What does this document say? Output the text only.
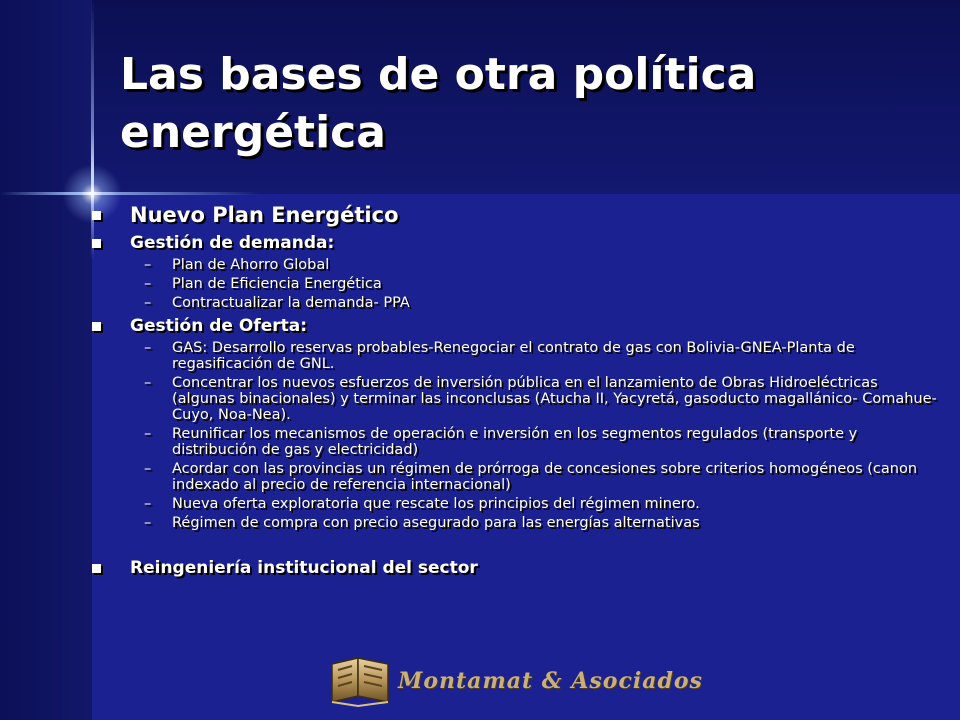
Las bases de otra política energética
Nuevo Plan Energético
Gestión de demanda:
– Plan de Ahorro Global
– Plan de Eficiencia Energética
– Contractualizar la demanda- PPA
Gestión de Oferta:
– GAS: Desarrollo reservas probables-Renegociar el contrato de gas con Bolivia-GNEA-Planta de regasificación de GNL.
– Concentrar los nuevos esfuerzos de inversión pública en el lanzamiento de Obras Hidroeléctricas (algunas binacionales) y terminar las inconclusas (Atucha II, Yacyretá, gasoducto magallánico- Comahue-Cuyo, Noa-Nea).
– Reunificar los mecanismos de operación e inversión en los segmentos regulados (transporte y distribución de gas y electricidad)
– Acordar con las provincias un régimen de prórroga de concesiones sobre criterios homogéneos (canon indexado al precio de referencia internacional)
– Nueva oferta exploratoria que rescate los principios del régimen minero.
– Régimen de compra con precio asegurado para las energías alternativas
Reingeniería institucional del sector
Montamat & Asociados
